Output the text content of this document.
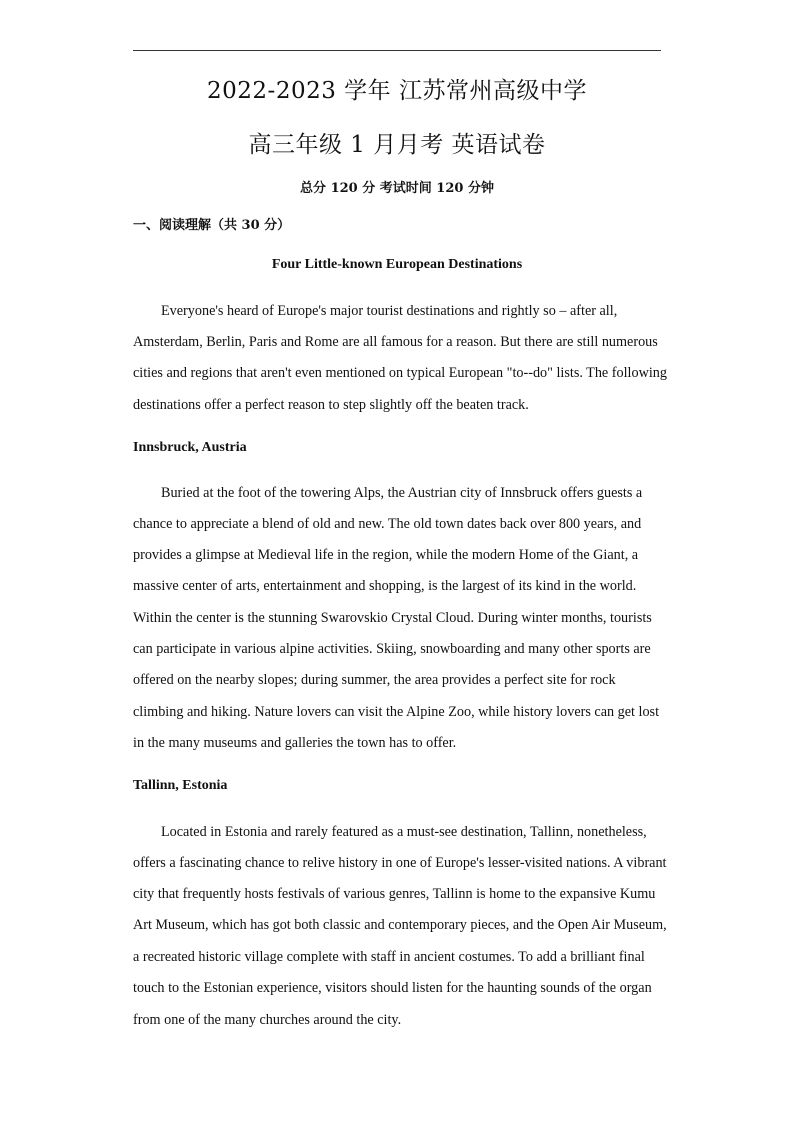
2022-2023 学年 江苏常州高级中学
高三年级 1 月月考 英语试卷
总分 120 分 考试时间 120 分钟
一、阅读理解（共 30 分）
Four Little-known European Destinations
Everyone's heard of Europe's major tourist destinations and rightly so – after all,
Amsterdam, Berlin, Paris and Rome are all famous for a reason. But there are still numerous
cities and regions that aren't even mentioned on typical European "to--do" lists. The following
destinations offer a perfect reason to step slightly off the beaten track.
Innsbruck, Austria
Buried at the foot of the towering Alps, the Austrian city of Innsbruck offers guests a
chance to appreciate a blend of old and new. The old town dates back over 800 years, and
provides a glimpse at Medieval life in the region, while the modern Home of the Giant, a
massive center of arts, entertainment and shopping, is the largest of its kind in the world.
Within the center is the stunning Swarovskio Crystal Cloud. During winter months, tourists
can participate in various alpine activities. Skiing, snowboarding and many other sports are
offered on the nearby slopes; during summer, the area provides a perfect site for rock
climbing and hiking. Nature lovers can visit the Alpine Zoo, while history lovers can get lost
in the many museums and galleries the town has to offer.
Tallinn, Estonia
Located in Estonia and rarely featured as a must-see destination, Tallinn, nonetheless,
offers a fascinating chance to relive history in one of Europe's lesser-visited nations. A vibrant
city that frequently hosts festivals of various genres, Tallinn is home to the expansive Kumu
Art Museum, which has got both classic and contemporary pieces, and the Open Air Museum,
a recreated historic village complete with staff in ancient costumes. To add a brilliant final
touch to the Estonian experience, visitors should listen for the haunting sounds of the organ
from one of the many churches around the city.
